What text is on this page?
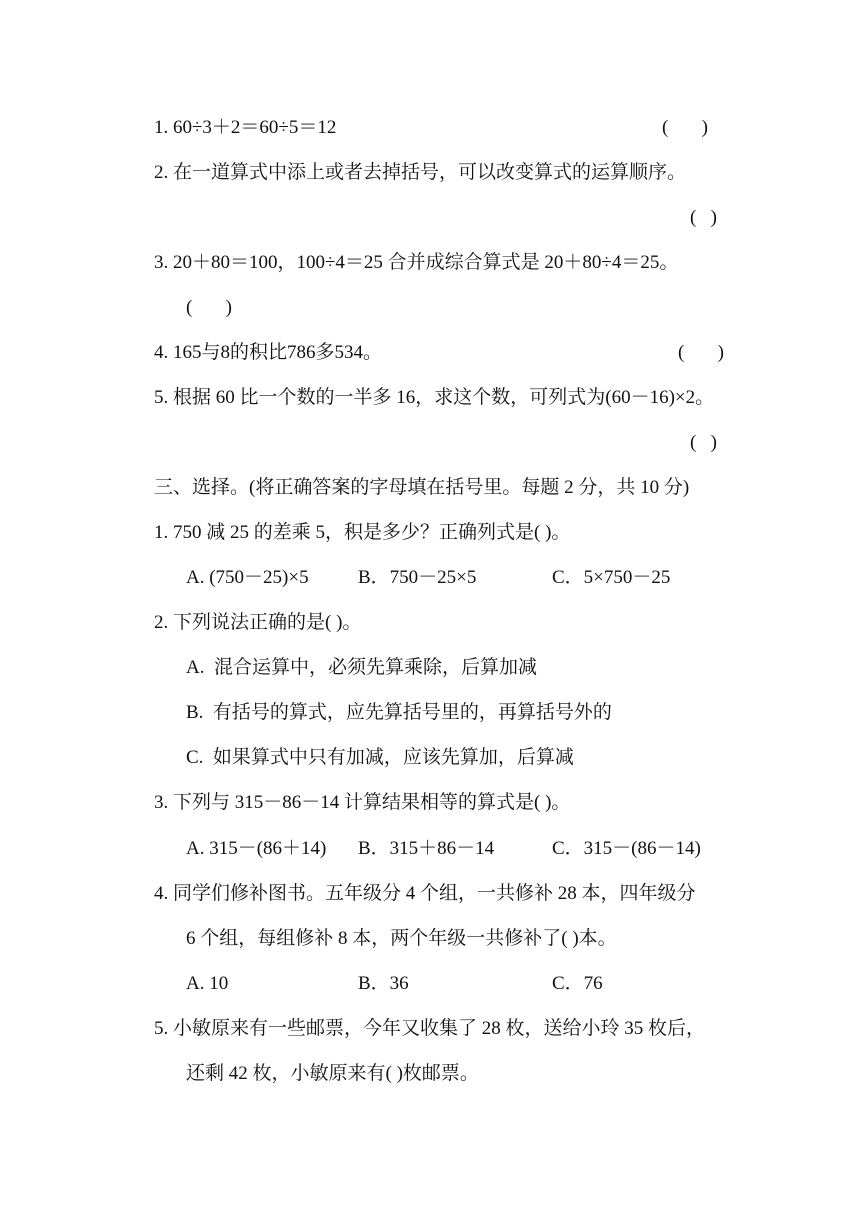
1. 60÷3＋2＝60÷5＝12	(       )
2. 在一道算式中添上或者去掉括号，可以改变算式的运算顺序。
(   )
3. 20＋80＝100，100÷4＝25 合并成综合算式是 20＋80÷4＝25。
(       )
4. 165与8的积比786多534。	(       )
5. 根据 60 比一个数的一半多 16，求这个数，可列式为(60－16)×2。
(   )
三、选择。(将正确答案的字母填在括号里。每题 2 分，共 10 分)
1. 750 减 25 的差乘 5，积是多少？正确列式是( )。
A. (750－25)×5	B．750－25×5	C．5×750－25
2. 下列说法正确的是( )。
A.  混合运算中，必须先算乘除，后算加减
B.  有括号的算式，应先算括号里的，再算括号外的
C.  如果算式中只有加减，应该先算加，后算减
3. 下列与 315－86－14 计算结果相等的算式是( )。
A. 315－(86＋14) B．315＋86－14	C．315－(86－14)
4. 同学们修补图书。五年级分 4 个组，一共修补 28 本，四年级分
6 个组，每组修补 8 本，两个年级一共修补了( )本。
A. 10	B．36	C．76
5. 小敏原来有一些邮票，今年又收集了 28 枚，送给小玲 35 枚后，
还剩 42 枚，小敏原来有( )枚邮票。
